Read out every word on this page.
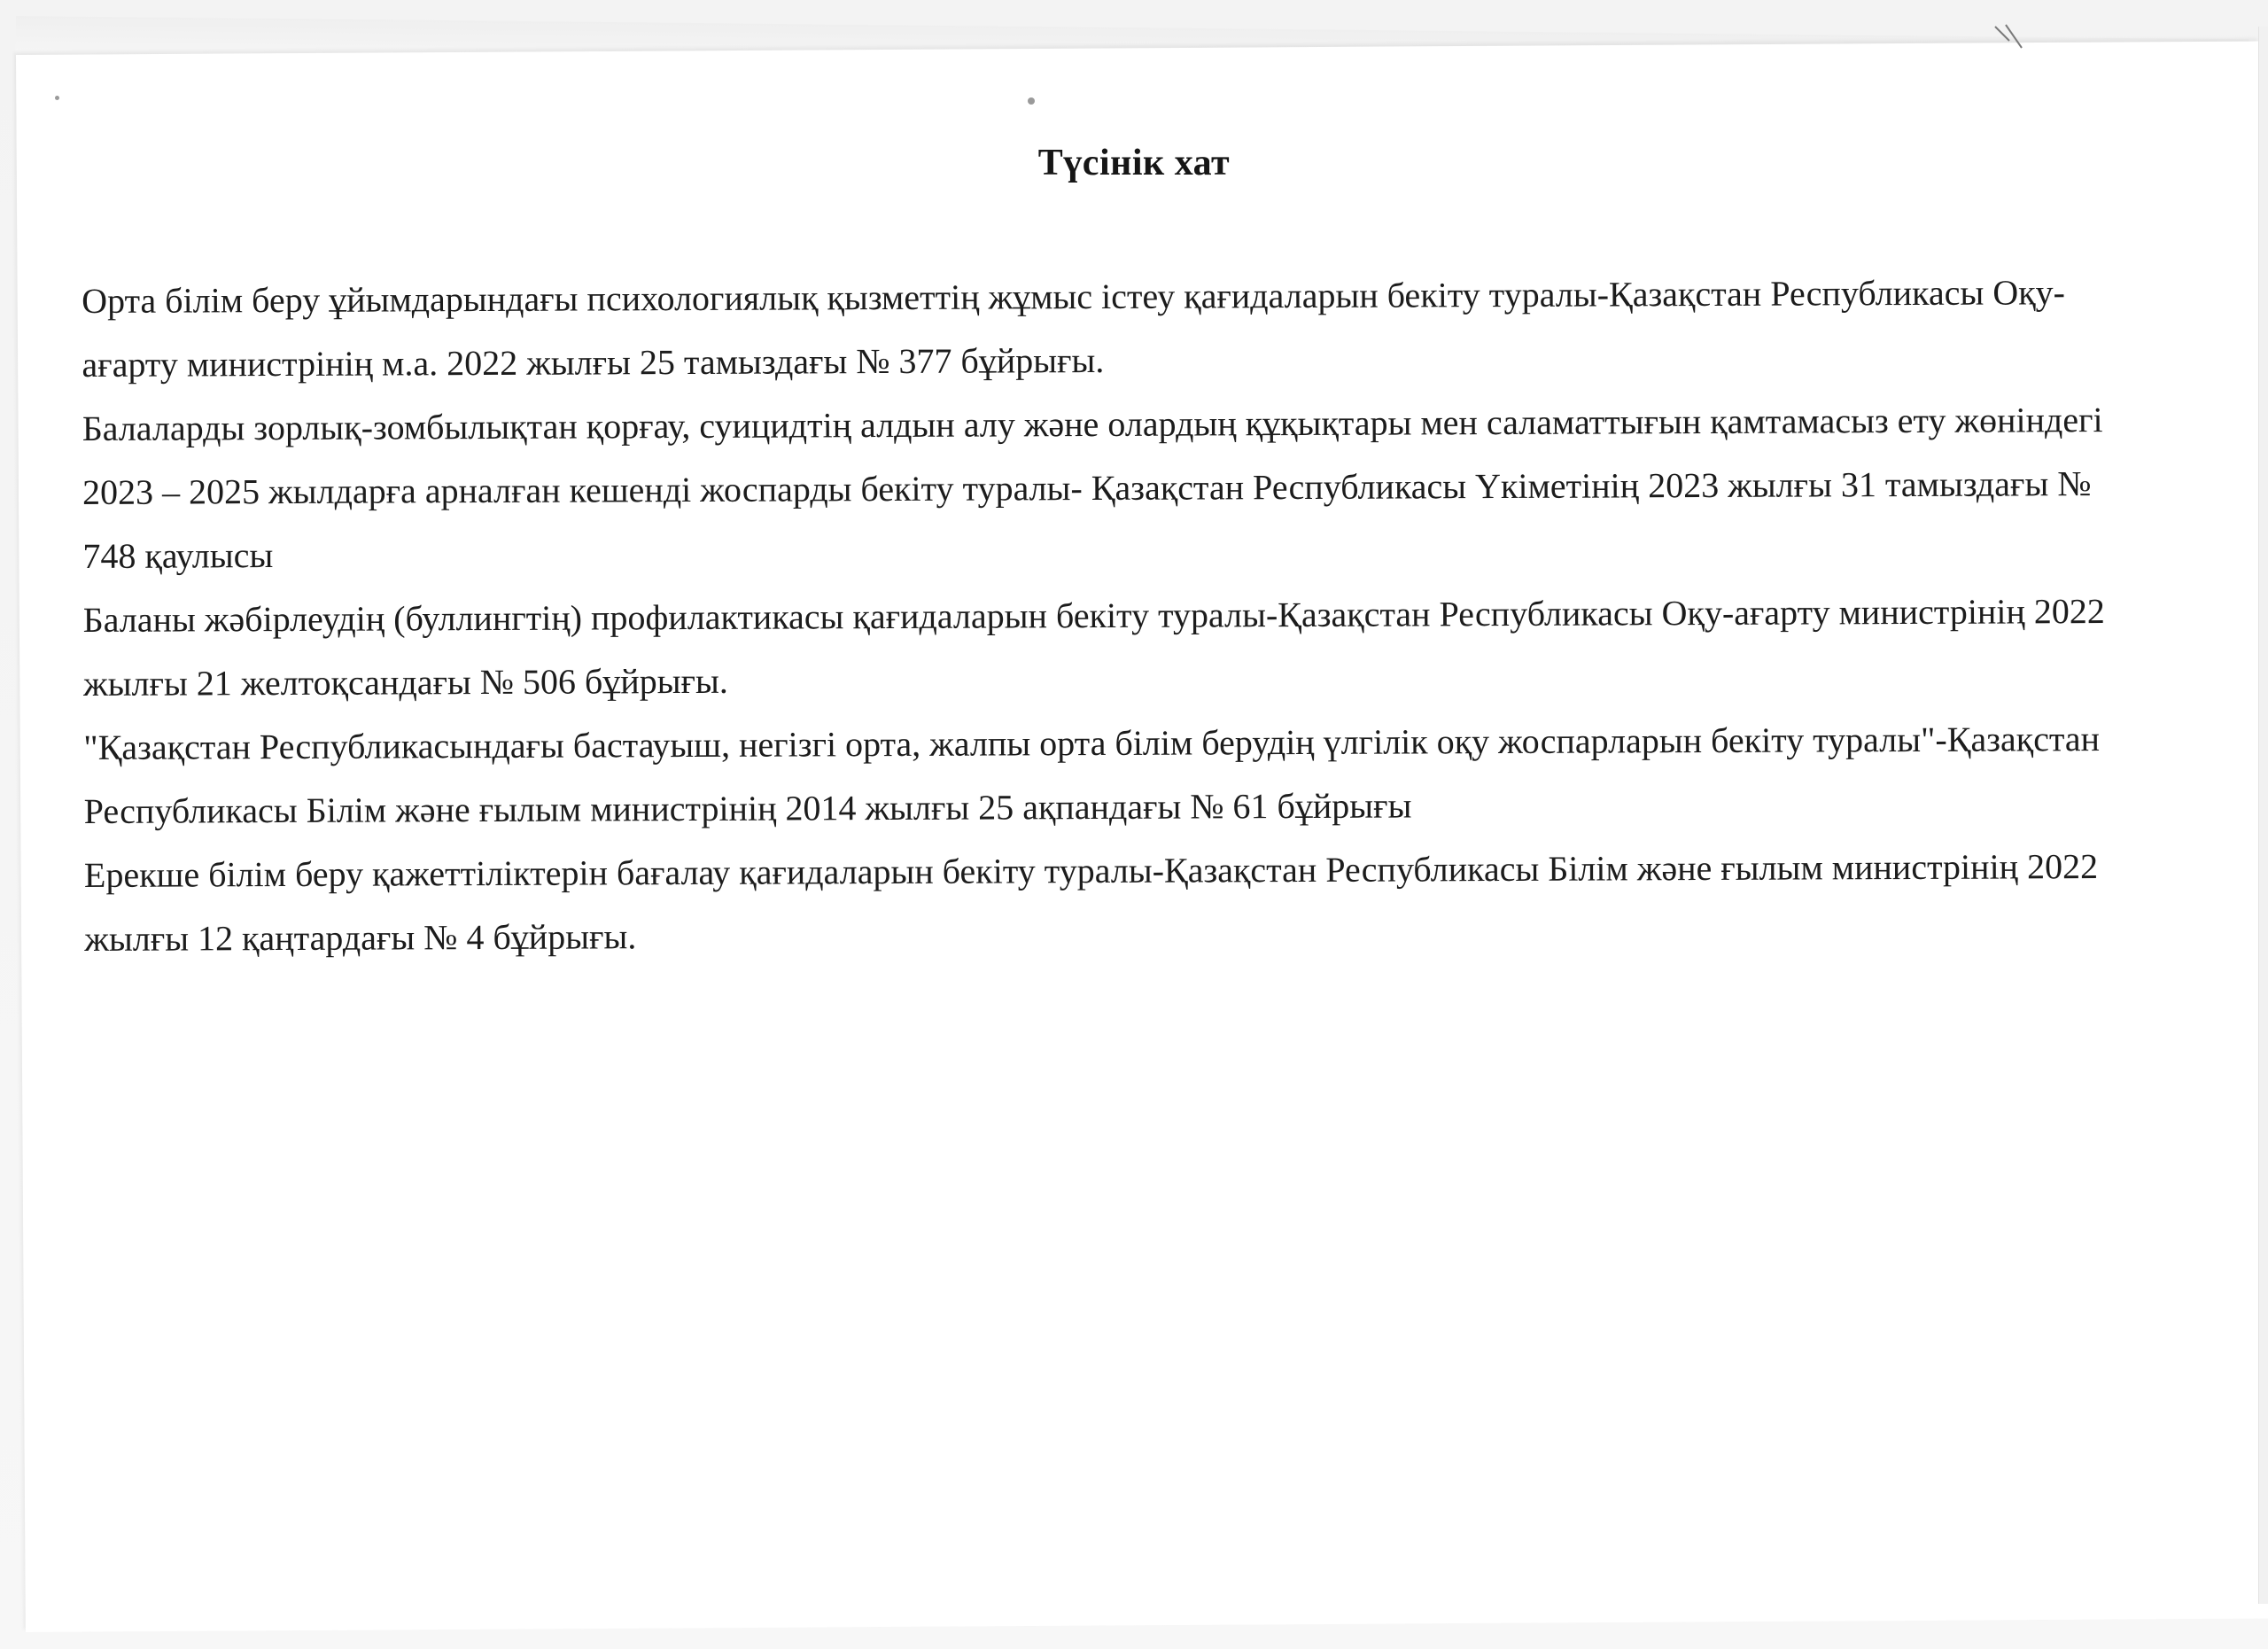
Түсінік хат

Орта білім беру ұйымдарындағы психологиялық қызметтің жұмыс істеу қағидаларын бекіту туралы-Қазақстан Республикасы Оқу-ағарту министрінің м.а. 2022 жылғы 25 тамыздағы № 377 бұйрығы.

Балаларды зорлық-зомбылықтан қорғау, суицидтің алдын алу және олардың құқықтары мен саламаттығын қамтамасыз ету жөніндегі 2023 – 2025 жылдарға арналған кешенді жоспарды бекіту туралы- Қазақстан Республикасы Үкіметінің 2023 жылғы 31 тамыздағы № 748 қаулысы

Баланы жәбірлеудің (буллингтің) профилактикасы қағидаларын бекіту туралы-Қазақстан Республикасы Оқу-ағарту министрінің 2022 жылғы 21 желтоқсандағы № 506 бұйрығы.

"Қазақстан Республикасындағы бастауыш, негізгі орта, жалпы орта білім берудің үлгілік оқу жоспарларын бекіту туралы"-Қазақстан Республикасы Білім және ғылым министрінің 2014 жылғы 25 ақпандағы № 61 бұйрығы

Ерекше білім беру қажеттіліктерін бағалау қағидаларын бекіту туралы-Қазақстан Республикасы Білім және ғылым министрінің 2022 жылғы 12 қаңтардағы № 4 бұйрығы.
